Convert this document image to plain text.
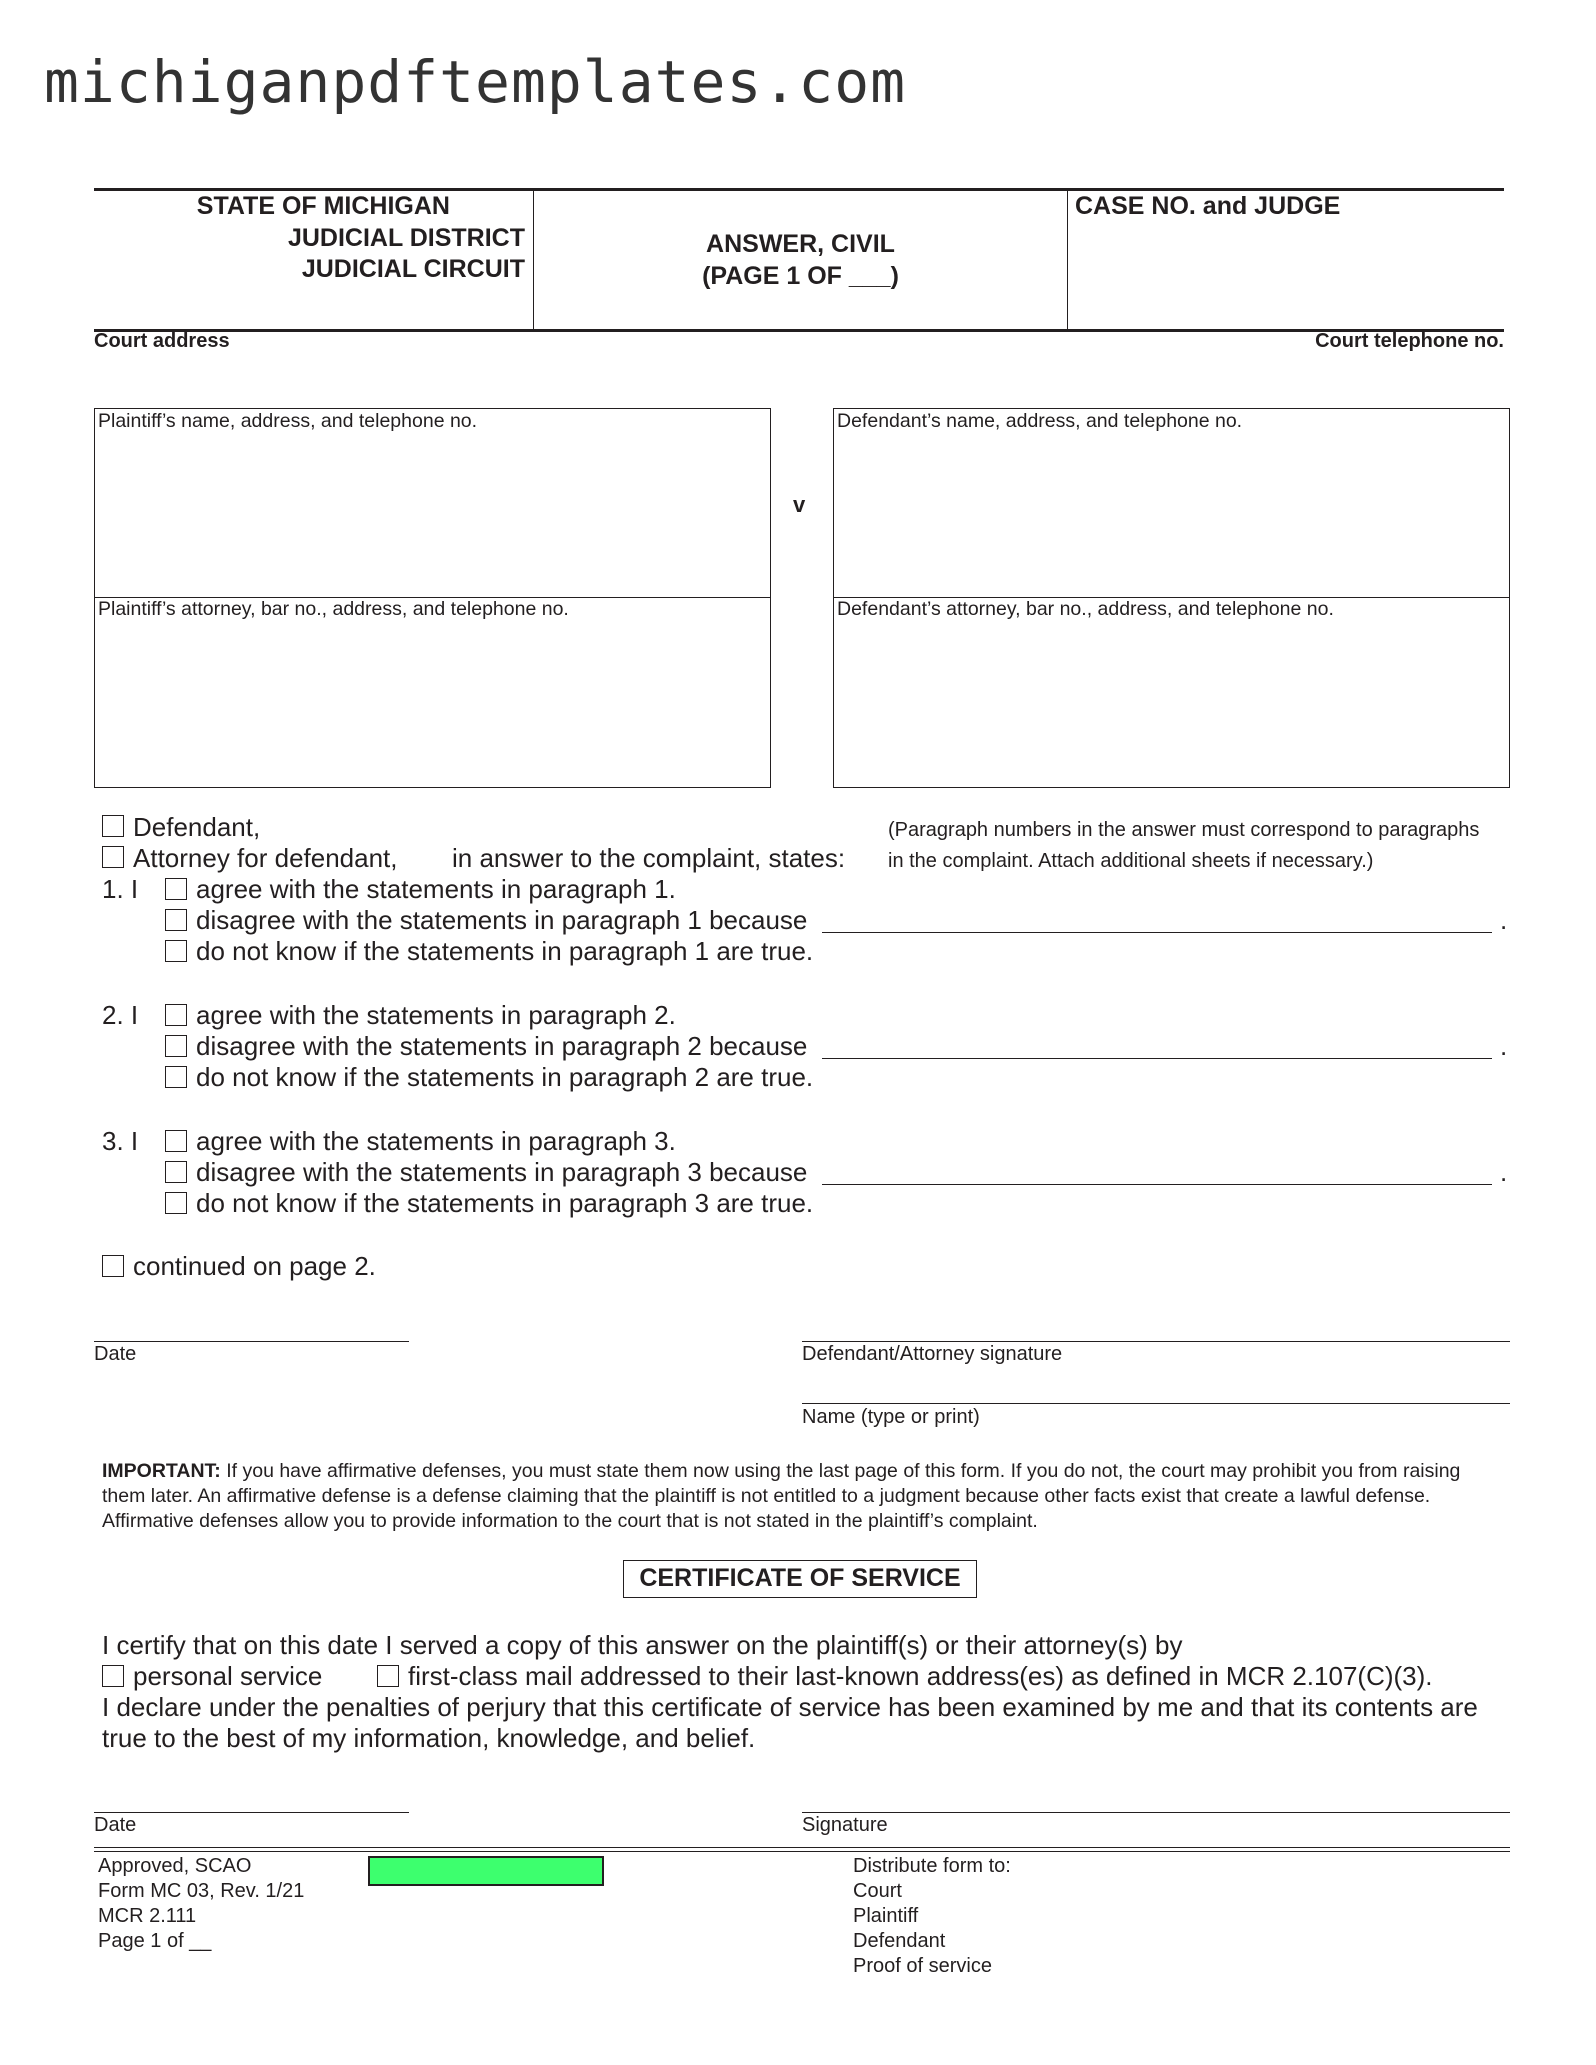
michiganpdftemplates.com
STATE OF MICHIGAN
JUDICIAL DISTRICT
JUDICIAL CIRCUIT
ANSWER, CIVIL
(PAGE 1 OF ___)
CASE NO. and JUDGE
Court address	Court telephone no.
Plaintiff’s name, address, and telephone no.
Plaintiff’s attorney, bar no., address, and telephone no.
v
Defendant’s name, address, and telephone no.
Defendant’s attorney, bar no., address, and telephone no.
Defendant,
Attorney for defendant, in answer to the complaint, states:
(Paragraph numbers in the answer must correspond to paragraphs
in the complaint. Attach additional sheets if necessary.)
1. I agree with the statements in paragraph 1.
disagree with the statements in paragraph 1 because	.
do not know if the statements in paragraph 1 are true.
2. I agree with the statements in paragraph 2.
disagree with the statements in paragraph 2 because	.
do not know if the statements in paragraph 2 are true.
3. I agree with the statements in paragraph 3.
disagree with the statements in paragraph 3 because	.
do not know if the statements in paragraph 3 are true.
continued on page 2.
Date	Defendant/Attorney signature
Name (type or print)
IMPORTANT: If you have affirmative defenses, you must state them now using the last page of this form. If you do not, the court may prohibit you from raising them later. An affirmative defense is a defense claiming that the plaintiff is not entitled to a judgment because other facts exist that create a lawful defense. Affirmative defenses allow you to provide information to the court that is not stated in the plaintiff’s complaint.
CERTIFICATE OF SERVICE
I certify that on this date I served a copy of this answer on the plaintiff(s) or their attorney(s) by
personal service	first-class mail addressed to their last-known address(es) as defined in MCR 2.107(C)(3).
I declare under the penalties of perjury that this certificate of service has been examined by me and that its contents are
true to the best of my information, knowledge, and belief.
Date	Signature
Approved, SCAO
Form MC 03, Rev. 1/21
MCR 2.111
Page 1 of __
Distribute form to:
Court
Plaintiff
Defendant
Proof of service
